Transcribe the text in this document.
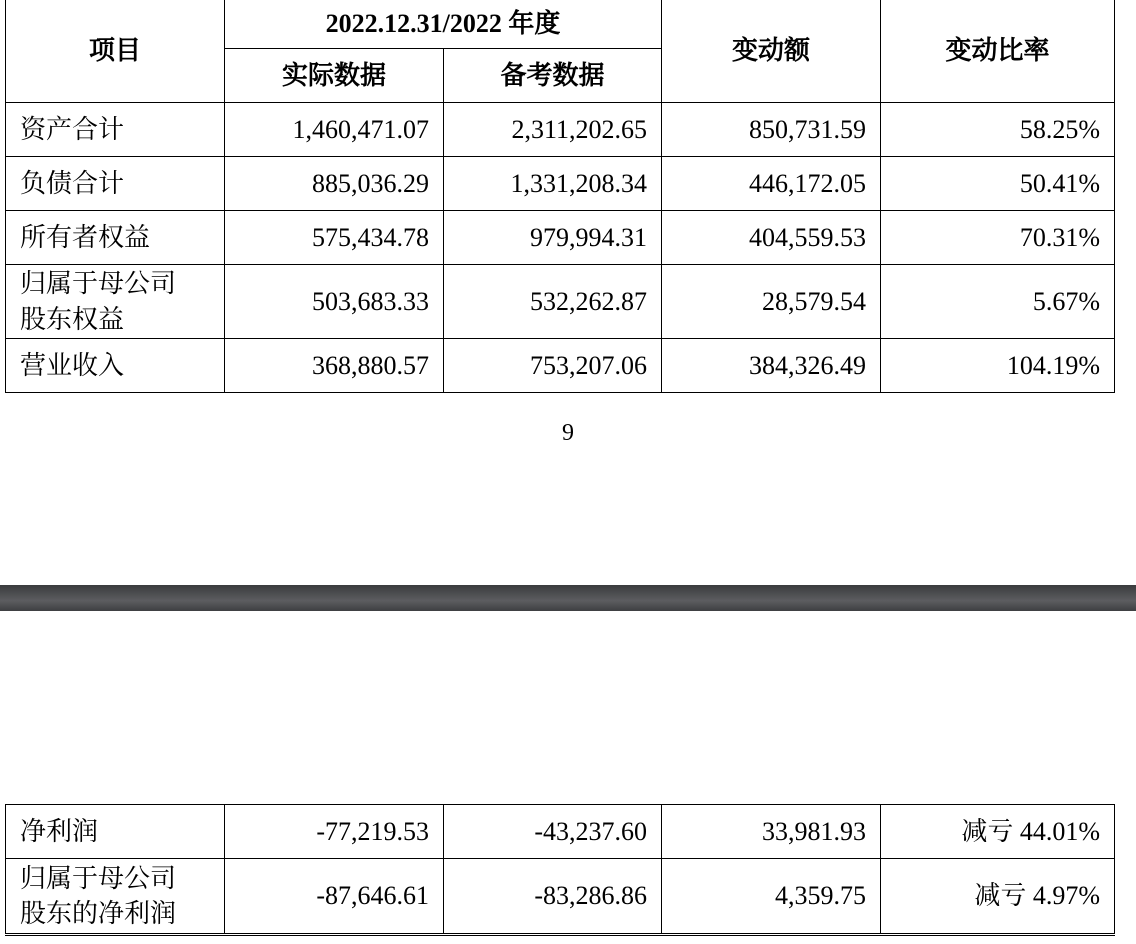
项目	2022.12.31/2022 年度		变动额	变动比率
	实际数据	备考数据		
资产合计	1,460,471.07	2,311,202.65	850,731.59	58.25%
负债合计	885,036.29	1,331,208.34	446,172.05	50.41%
所有者权益	575,434.78	979,994.31	404,559.53	70.31%
归属于母公司
股东权益	503,683.33	532,262.87	28,579.54	5.67%
营业收入	368,880.57	753,207.06	384,326.49	104.19%
9
净利润	-77,219.53	-43,237.60	33,981.93	减亏 44.01%
归属于母公司
股东的净利润	-87,646.61	-83,286.86	4,359.75	减亏 4.97%
